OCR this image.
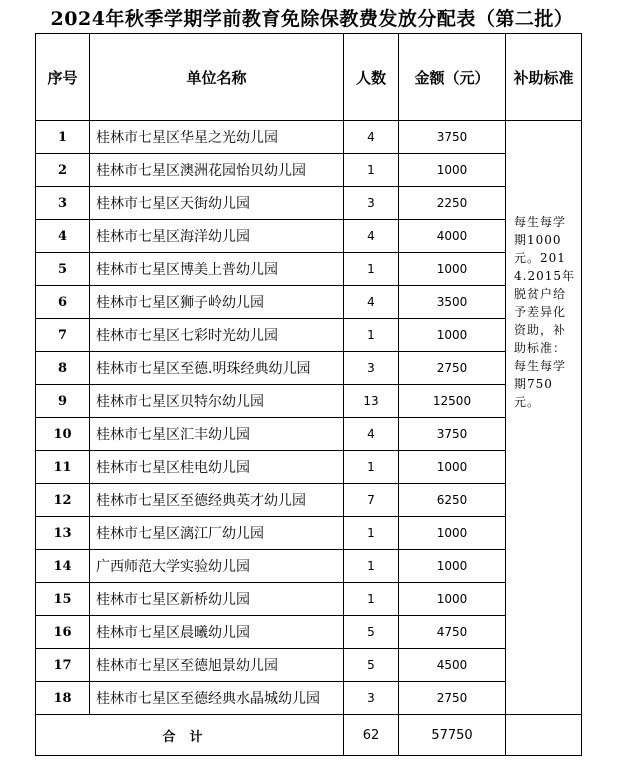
2024年秋季学期学前教育免除保教费发放分配表（第二批）
序号	单位名称	人数	金额（元）	补助标准
1	桂林市七星区华星之光幼儿园	4	3750	每生每学期1000元。2014.2015年脱贫户给予差异化资助，补助标准：每生每学期750元。
2	桂林市七星区澳洲花园怡贝幼儿园	1	1000	
3	桂林市七星区天街幼儿园	3	2250	
4	桂林市七星区海洋幼儿园	4	4000	
5	桂林市七星区博美上普幼儿园	1	1000	
6	桂林市七星区狮子岭幼儿园	4	3500	
7	桂林市七星区七彩时光幼儿园	1	1000	
8	桂林市七星区至德.明珠经典幼儿园	3	2750	
9	桂林市七星区贝特尔幼儿园	13	12500	
10	桂林市七星区汇丰幼儿园	4	3750	
11	桂林市七星区桂电幼儿园	1	1000	
12	桂林市七星区至德经典英才幼儿园	7	6250	
13	桂林市七星区漓江厂幼儿园	1	1000	
14	广西师范大学实验幼儿园	1	1000	
15	桂林市七星区新桥幼儿园	1	1000	
16	桂林市七星区晨曦幼儿园	5	4750	
17	桂林市七星区至德旭景幼儿园	5	4500	
18	桂林市七星区至德经典水晶城幼儿园	3	2750	
合计		62	57750	
